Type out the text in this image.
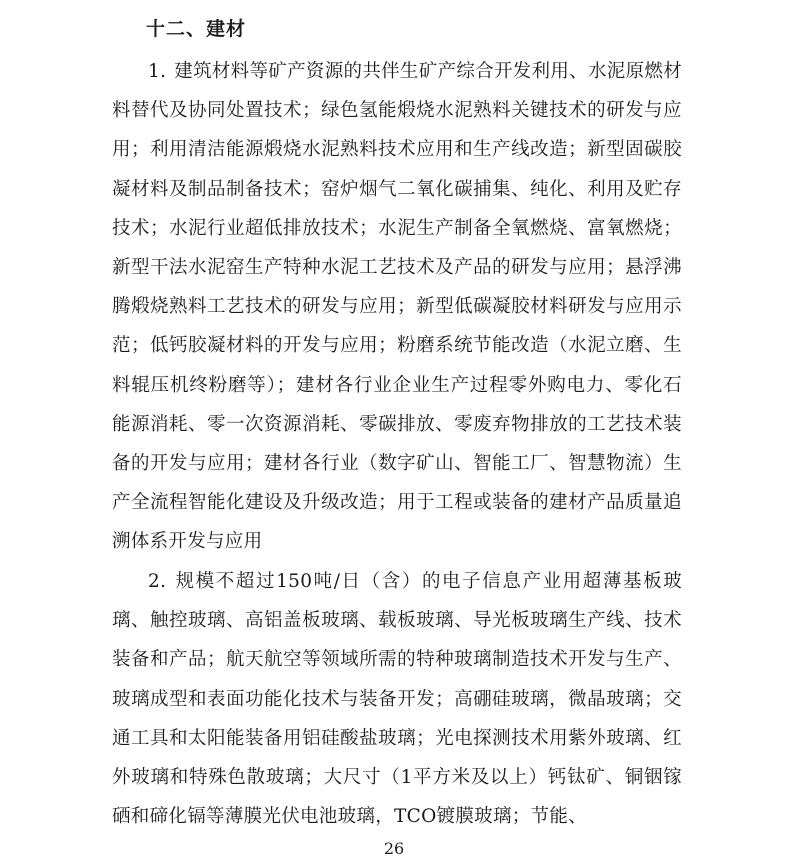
十二、建材

1. 建筑材料等矿产资源的共伴生矿产综合开发利用、水泥原燃材料替代及协同处置技术；绿色氢能煅烧水泥熟料关键技术的研发与应用；利用清洁能源煅烧水泥熟料技术应用和生产线改造；新型固碳胶凝材料及制品制备技术；窑炉烟气二氧化碳捕集、纯化、利用及贮存技术；水泥行业超低排放技术；水泥生产制备全氧燃烧、富氧燃烧；新型干法水泥窑生产特种水泥工艺技术及产品的研发与应用；悬浮沸腾煅烧熟料工艺技术的研发与应用；新型低碳凝胶材料研发与应用示范；低钙胶凝材料的开发与应用；粉磨系统节能改造（水泥立磨、生料辊压机终粉磨等）；建材各行业企业生产过程零外购电力、零化石能源消耗、零一次资源消耗、零碳排放、零废弃物排放的工艺技术装备的开发与应用；建材各行业（数字矿山、智能工厂、智慧物流）生产全流程智能化建设及升级改造；用于工程或装备的建材产品质量追溯体系开发与应用

2. 规模不超过150吨/日（含）的电子信息产业用超薄基板玻璃、触控玻璃、高铝盖板玻璃、载板玻璃、导光板玻璃生产线、技术装备和产品；航天航空等领域所需的特种玻璃制造技术开发与生产、玻璃成型和表面功能化技术与装备开发；高硼硅玻璃，微晶玻璃；交通工具和太阳能装备用铝硅酸盐玻璃；光电探测技术用紫外玻璃、红外玻璃和特殊色散玻璃；大尺寸（1平方米及以上）钙钛矿、铜铟镓硒和碲化镉等薄膜光伏电池玻璃，TCO镀膜玻璃；节能、

26
